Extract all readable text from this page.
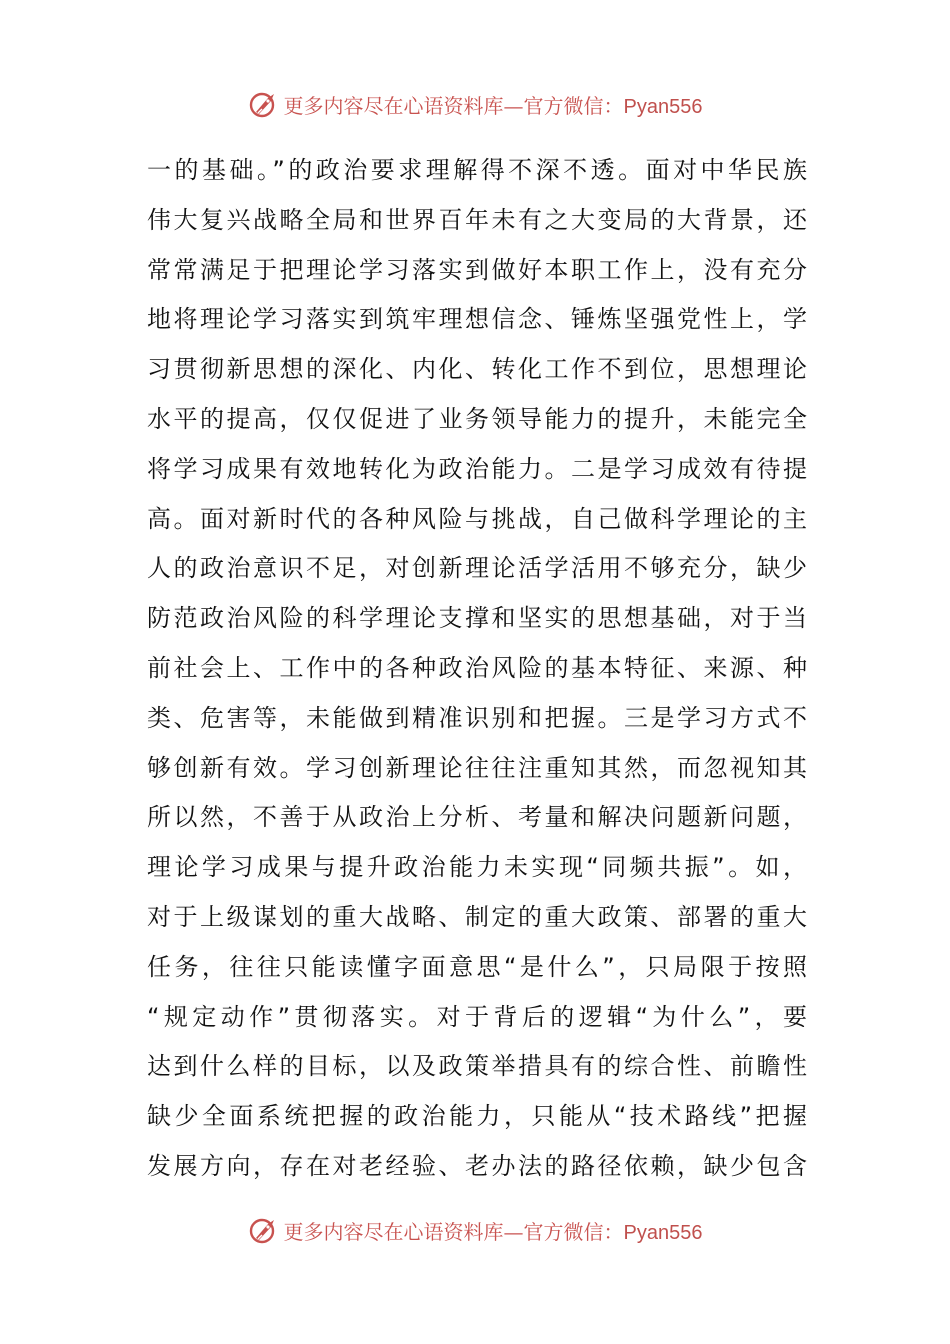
更多内容尽在心语资料库—官方微信：Pyan556
一的基础。”的政治要求理解得不深不透。面对中华民族
伟大复兴战略全局和世界百年未有之大变局的大背景，还
常常满足于把理论学习落实到做好本职工作上，没有充分
地将理论学习落实到筑牢理想信念、锤炼坚强党性上，学
习贯彻新思想的深化、内化、转化工作不到位，思想理论
水平的提高，仅仅促进了业务领导能力的提升，未能完全
将学习成果有效地转化为政治能力。二是学习成效有待提
高。面对新时代的各种风险与挑战，自己做科学理论的主
人的政治意识不足，对创新理论活学活用不够充分，缺少
防范政治风险的科学理论支撑和坚实的思想基础，对于当
前社会上、工作中的各种政治风险的基本特征、来源、种
类、危害等，未能做到精准识别和把握。三是学习方式不
够创新有效。学习创新理论往往注重知其然，而忽视知其
所以然，不善于从政治上分析、考量和解决问题新问题，
理论学习成果与提升政治能力未实现“同频共振”。如，
对于上级谋划的重大战略、制定的重大政策、部署的重大
任务，往往只能读懂字面意思“是什么”，只局限于按照
“规定动作”贯彻落实。对于背后的逻辑“为什么”，要
达到什么样的目标，以及政策举措具有的综合性、前瞻性
缺少全面系统把握的政治能力，只能从“技术路线”把握
发展方向，存在对老经验、老办法的路径依赖，缺少包含
更多内容尽在心语资料库—官方微信：Pyan556
